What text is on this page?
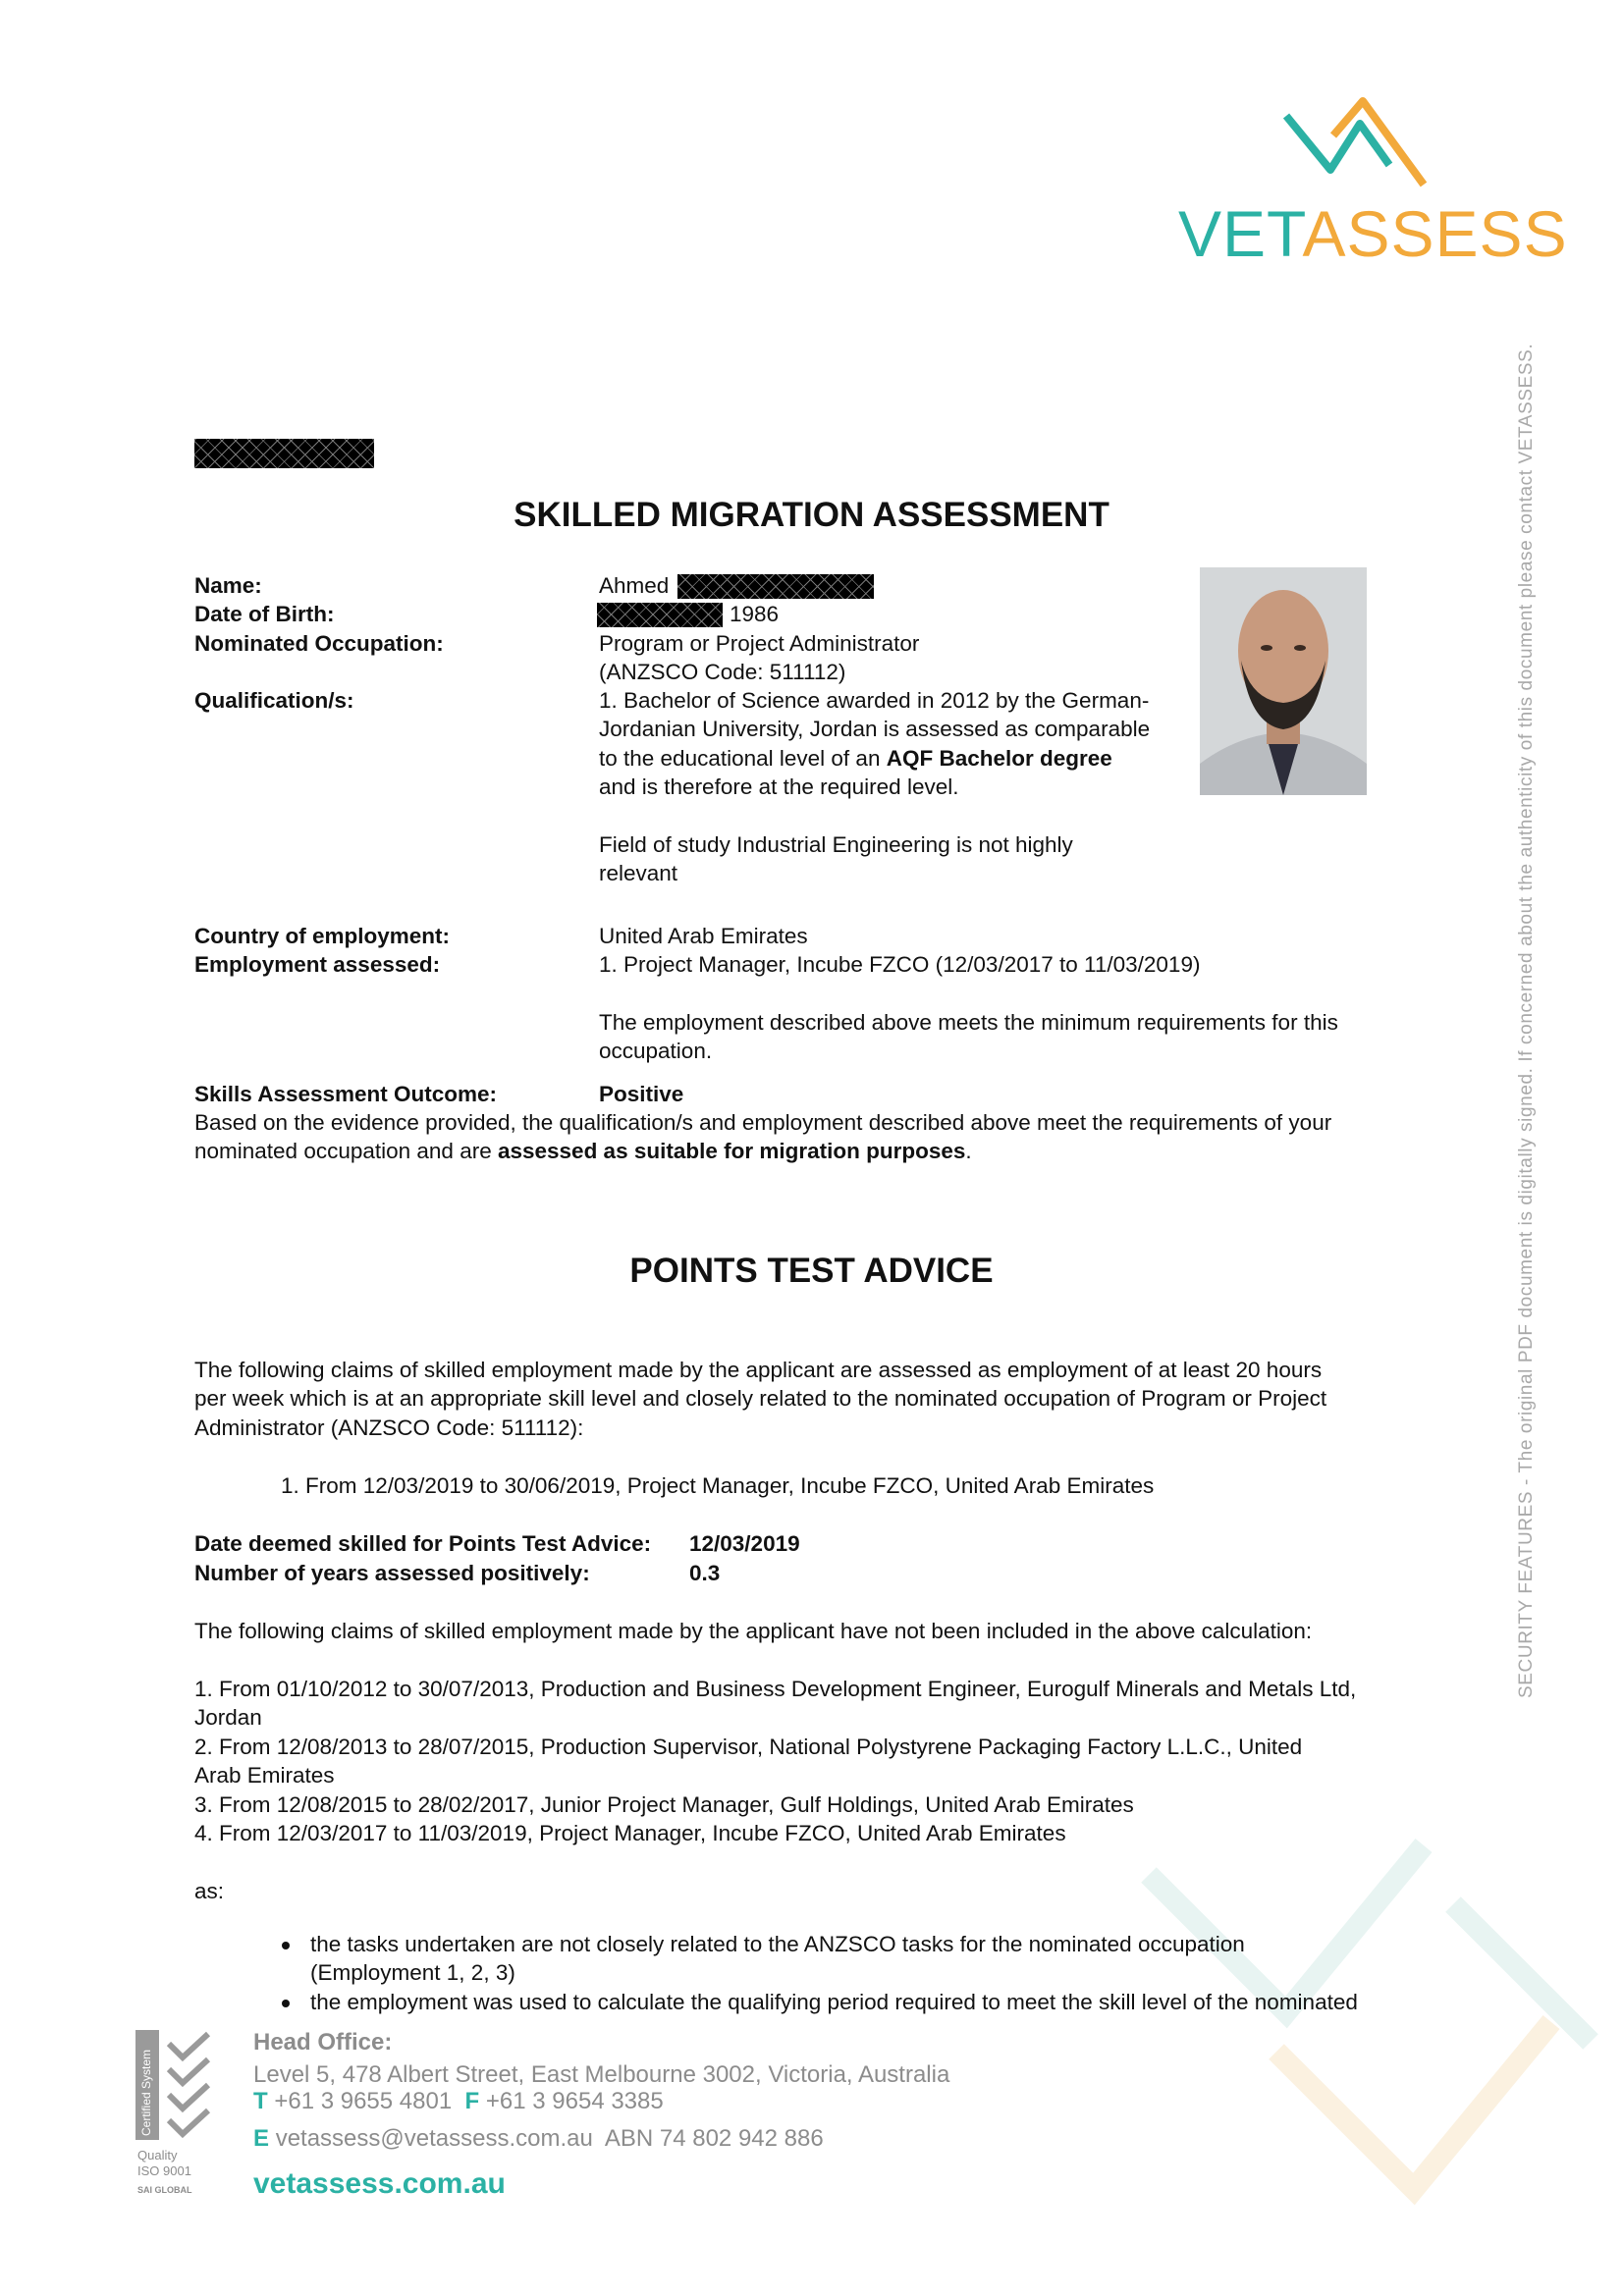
VETASSESS
SKILLED MIGRATION ASSESSMENT
Name:	Ahmed
Date of Birth:	1986
Nominated Occupation:	Program or Project Administrator
(ANZSCO Code: 511112)
Qualification/s:	1. Bachelor of Science awarded in 2012 by the German-
Jordanian University, Jordan is assessed as comparable
to the educational level of an AQF Bachelor degree
and is therefore at the required level.
Field of study Industrial Engineering is not highly
relevant
Country of employment:	United Arab Emirates
Employment assessed:	1. Project Manager, Incube FZCO (12/03/2017 to 11/03/2019)
The employment described above meets the minimum requirements for this
occupation.
Skills Assessment Outcome:	Positive
Based on the evidence provided, the qualification/s and employment described above meet the requirements of your
nominated occupation and are assessed as suitable for migration purposes.
POINTS TEST ADVICE
The following claims of skilled employment made by the applicant are assessed as employment of at least 20 hours
per week which is at an appropriate skill level and closely related to the nominated occupation of Program or Project
Administrator (ANZSCO Code: 511112):
1. From 12/03/2019 to 30/06/2019, Project Manager, Incube FZCO, United Arab Emirates
Date deemed skilled for Points Test Advice: 12/03/2019
Number of years assessed positively:	0.3
The following claims of skilled employment made by the applicant have not been included in the above calculation:
1. From 01/10/2012 to 30/07/2013, Production and Business Development Engineer, Eurogulf Minerals and Metals Ltd,
Jordan
2. From 12/08/2013 to 28/07/2015, Production Supervisor, National Polystyrene Packaging Factory L.L.C., United
Arab Emirates
3. From 12/08/2015 to 28/02/2017, Junior Project Manager, Gulf Holdings, United Arab Emirates
4. From 12/03/2017 to 11/03/2019, Project Manager, Incube FZCO, United Arab Emirates
as:
the tasks undertaken are not closely related to the ANZSCO tasks for the nominated occupation
(Employment 1, 2, 3)
the employment was used to calculate the qualifying period required to meet the skill level of the nominated
SECURITY FEATURES - The original PDF document is digitally signed. If concerned about the authenticity of this document please contact VETASSESS.
Certified System
Quality
ISO 9001
SAI GLOBAL
Head Office:
Level 5, 478 Albert Street, East Melbourne 3002, Victoria, Australia
T +61 3 9655 4801 F +61 3 9654 3385
E vetassess@vetassess.com.au ABN 74 802 942 886
vetassess.com.au
